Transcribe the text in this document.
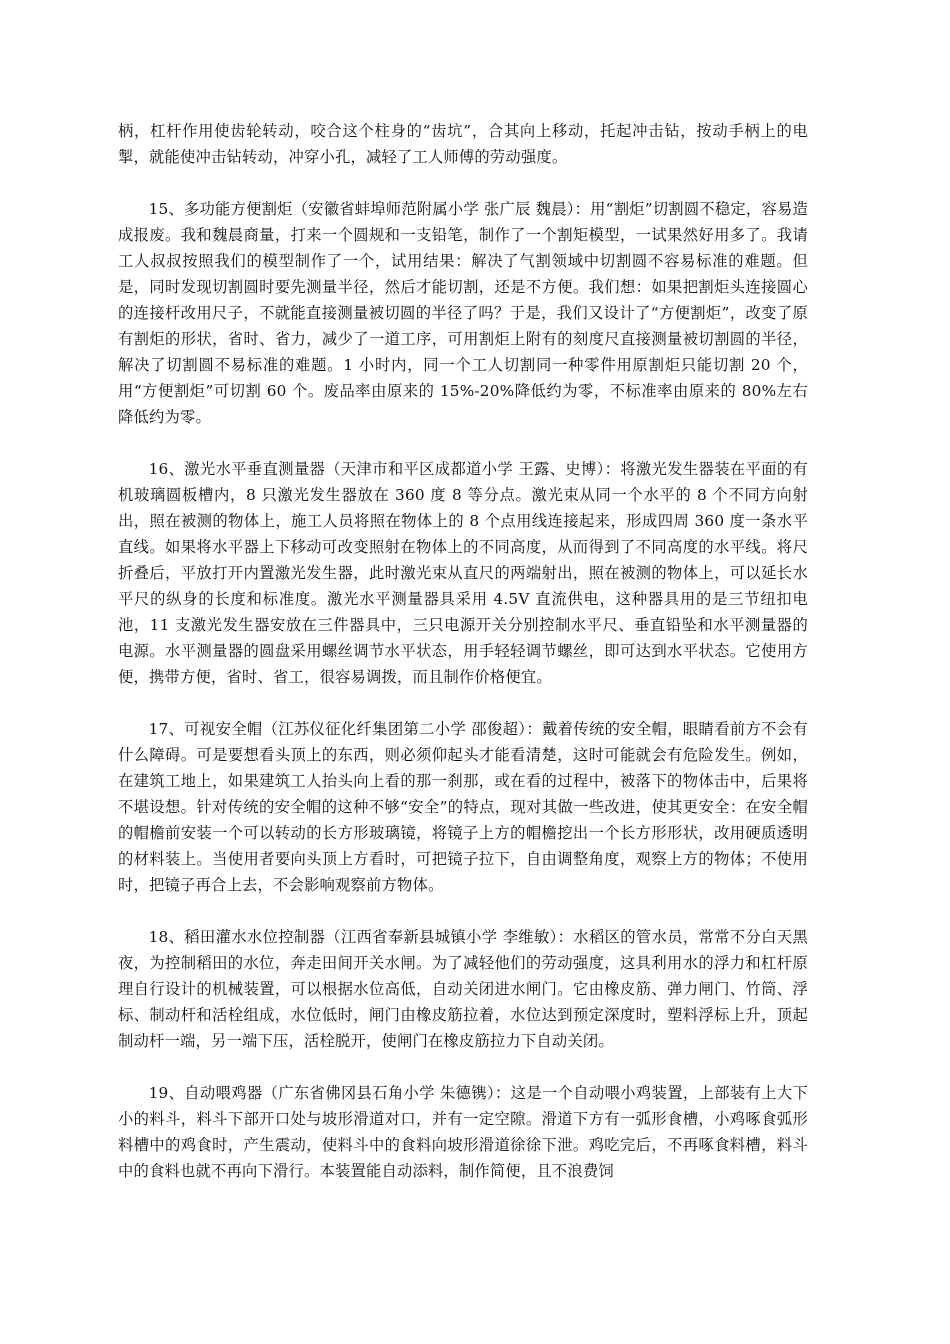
柄，杠杆作用使齿轮转动，咬合这个柱身的“齿坑”，合其向上移动，托起冲击钻，按动手柄上的电掣，就能使冲击钻转动，冲穿小孔，减轻了工人师傅的劳动强度。

15、多功能方便割炬（安徽省蚌埠师范附属小学 张广辰 魏晨）：用“割炬”切割圆不稳定，容易造成报废。我和魏晨商量，打来一个圆规和一支铅笔，制作了一个割矩模型，一试果然好用多了。我请工人叔叔按照我们的模型制作了一个，试用结果：解决了气割领域中切割圆不容易标准的难题。但是，同时发现切割圆时要先测量半径，然后才能切割，还是不方便。我们想：如果把割炬头连接圆心的连接杆改用尺子，不就能直接测量被切圆的半径了吗？于是，我们又设计了“方便割炬”，改变了原有割炬的形状，省时、省力，减少了一道工序，可用割炬上附有的刻度尺直接测量被切割圆的半径，解决了切割圆不易标准的难题。1 小时内，同一个工人切割同一种零件用原割炬只能切割 20 个，用“方便割炬”可切割 60 个。废品率由原来的 15%-20%降低约为零，不标准率由原来的 80%左右降低约为零。

16、激光水平垂直测量器（天津市和平区成都道小学 王露、史博）：将激光发生器装在平面的有机玻璃圆板槽内，8 只激光发生器放在 360 度 8 等分点。激光束从同一个水平的 8 个不同方向射出，照在被测的物体上，施工人员将照在物体上的 8 个点用线连接起来，形成四周 360 度一条水平直线。如果将水平器上下移动可改变照射在物体上的不同高度，从而得到了不同高度的水平线。将尺折叠后，平放打开内置激光发生器，此时激光束从直尺的两端射出，照在被测的物体上，可以延长水平尺的纵身的长度和标准度。激光水平测量器具采用 4.5V 直流供电，这种器具用的是三节纽扣电池，11 支激光发生器安放在三件器具中，三只电源开关分别控制水平尺、垂直铅坠和水平测量器的电源。水平测量器的圆盘采用螺丝调节水平状态，用手轻轻调节螺丝，即可达到水平状态。它使用方便，携带方便，省时、省工，很容易调拨，而且制作价格便宜。

17、可视安全帽（江苏仪征化纤集团第二小学 邵俊超）：戴着传统的安全帽，眼睛看前方不会有什么障碍。可是要想看头顶上的东西，则必须仰起头才能看清楚，这时可能就会有危险发生。例如，在建筑工地上，如果建筑工人抬头向上看的那一刹那，或在看的过程中，被落下的物体击中，后果将不堪设想。针对传统的安全帽的这种不够“安全”的特点，现对其做一些改进，使其更安全：在安全帽的帽檐前安装一个可以转动的长方形玻璃镜，将镜子上方的帽檐挖出一个长方形形状，改用硬质透明的材料装上。当使用者要向头顶上方看时，可把镜子拉下，自由调整角度，观察上方的物体；不使用时，把镜子再合上去，不会影响观察前方物体。

18、稻田灌水水位控制器（江西省奉新县城镇小学 李维敏）：水稻区的管水员，常常不分白天黑夜，为控制稻田的水位，奔走田间开关水闸。为了减轻他们的劳动强度，这具利用水的浮力和杠杆原理自行设计的机械装置，可以根据水位高低，自动关闭进水闸门。它由橡皮筋、弹力闸门、竹筒、浮标、制动杆和活栓组成，水位低时，闸门由橡皮筋拉着，水位达到预定深度时，塑料浮标上升，顶起制动杆一端，另一端下压，活栓脱开，使闸门在橡皮筋拉力下自动关闭。

19、自动喂鸡器（广东省佛冈县石角小学 朱德镌）：这是一个自动喂小鸡装置，上部装有上大下小的料斗，料斗下部开口处与坡形滑道对口，并有一定空隙。滑道下方有一弧形食槽，小鸡啄食弧形料槽中的鸡食时，产生震动，使料斗中的食料向坡形滑道徐徐下泄。鸡吃完后，不再啄食料槽，料斗中的食料也就不再向下滑行。本装置能自动添料，制作简便，且不浪费饲
